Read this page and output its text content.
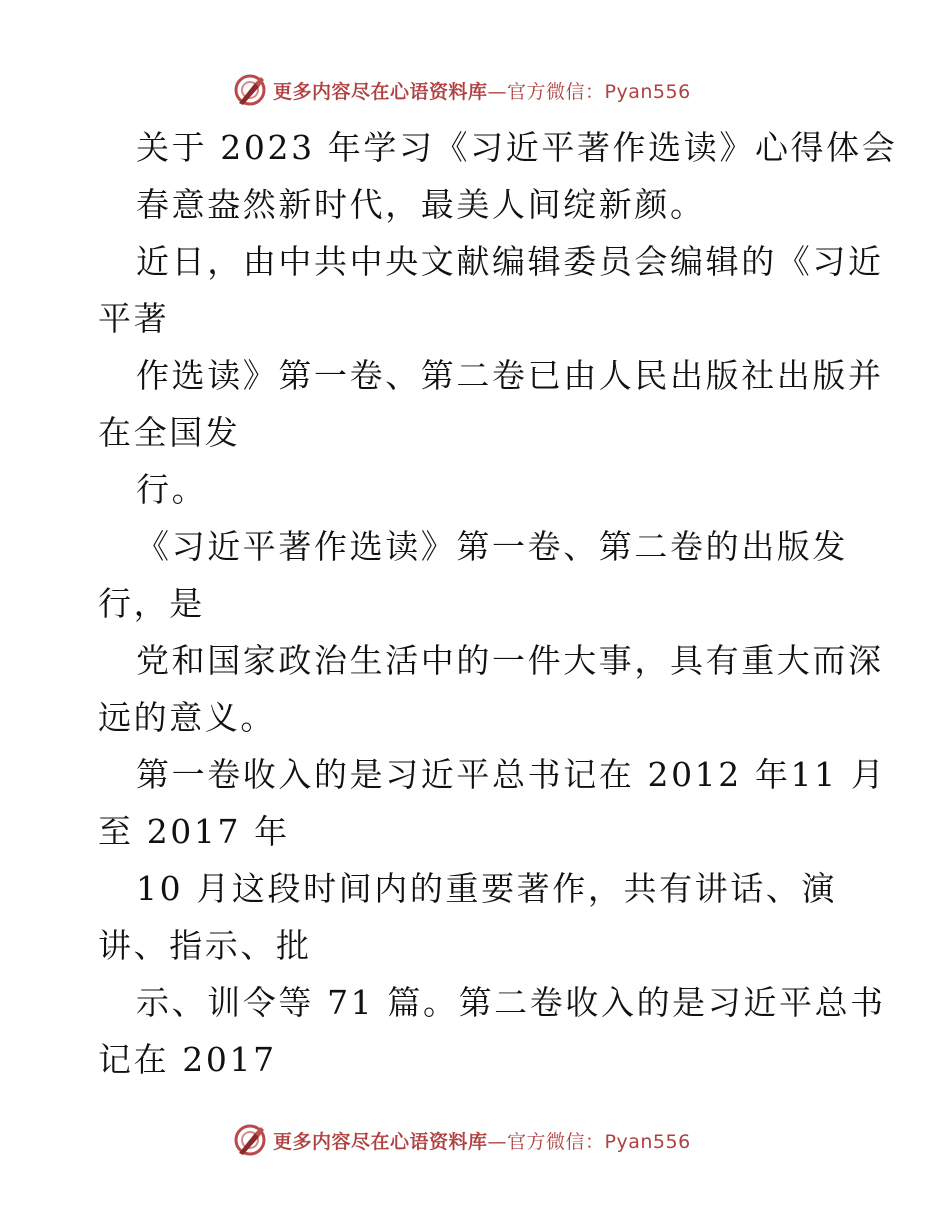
更多内容尽在心语资料库—官方微信：Pyan556
关于 2023 年学习《习近平著作选读》心得体会
春意盎然新时代，最美人间绽新颜。
近日，由中共中央文献编辑委员会编辑的《习近
平著
作选读》第一卷、第二卷已由人民出版社出版并
在全国发
行。
《习近平著作选读》第一卷、第二卷的出版发
行，是
党和国家政治生活中的一件大事，具有重大而深
远的意义。
第一卷收入的是习近平总书记在 2012 年11 月
至 2017 年
10 月这段时间内的重要著作，共有讲话、演
讲、指示、批
示、训令等 71 篇。第二卷收入的是习近平总书
记在 2017
更多内容尽在心语资料库—官方微信：Pyan556
